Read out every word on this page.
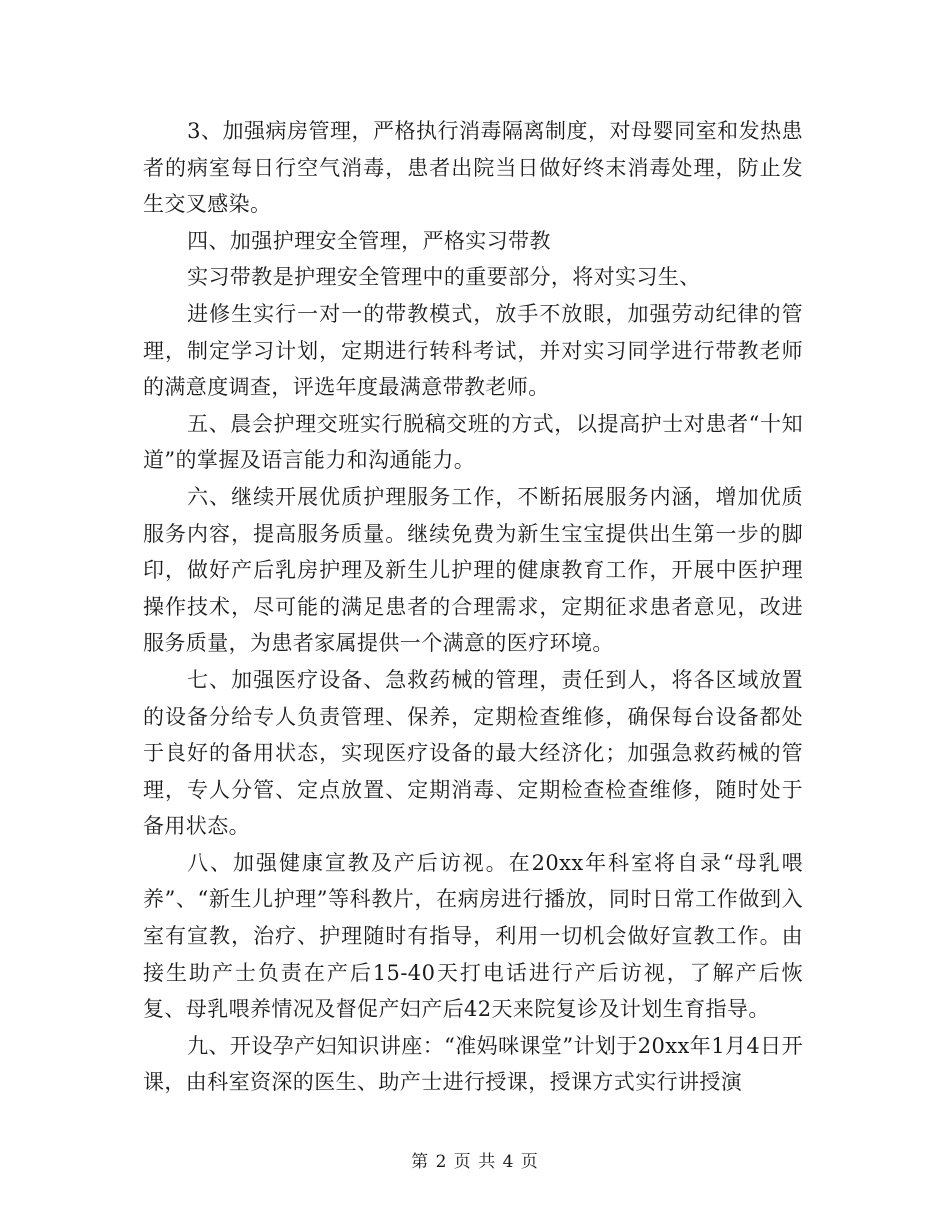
3、加强病房管理，严格执行消毒隔离制度，对母婴同室和发热患者的病室每日行空气消毒，患者出院当日做好终末消毒处理，防止发生交叉感染。

四、加强护理安全管理，严格实习带教

实习带教是护理安全管理中的重要部分，将对实习生、

进修生实行一对一的带教模式，放手不放眼，加强劳动纪律的管理，制定学习计划，定期进行转科考试，并对实习同学进行带教老师的满意度调查，评选年度最满意带教老师。

五、晨会护理交班实行脱稿交班的方式，以提高护士对患者“十知道”的掌握及语言能力和沟通能力。

六、继续开展优质护理服务工作，不断拓展服务内涵，增加优质服务内容，提高服务质量。继续免费为新生宝宝提供出生第一步的脚印，做好产后乳房护理及新生儿护理的健康教育工作，开展中医护理操作技术，尽可能的满足患者的合理需求，定期征求患者意见，改进服务质量，为患者家属提供一个满意的医疗环境。

七、加强医疗设备、急救药械的管理，责任到人，将各区域放置的设备分给专人负责管理、保养，定期检查维修，确保每台设备都处于良好的备用状态，实现医疗设备的最大经济化；加强急救药械的管理，专人分管、定点放置、定期消毒、定期检查检查维修，随时处于备用状态。

八、加强健康宣教及产后访视。在20xx年科室将自录“母乳喂养”、“新生儿护理”等科教片，在病房进行播放，同时日常工作做到入室有宣教，治疗、护理随时有指导，利用一切机会做好宣教工作。由接生助产士负责在产后15-40天打电话进行产后访视，了解产后恢复、母乳喂养情况及督促产妇产后42天来院复诊及计划生育指导。

九、开设孕产妇知识讲座：“准妈咪课堂”计划于20xx年1月4日开课，由科室资深的医生、助产士进行授课，授课方式实行讲授演

第 2 页 共 4 页
